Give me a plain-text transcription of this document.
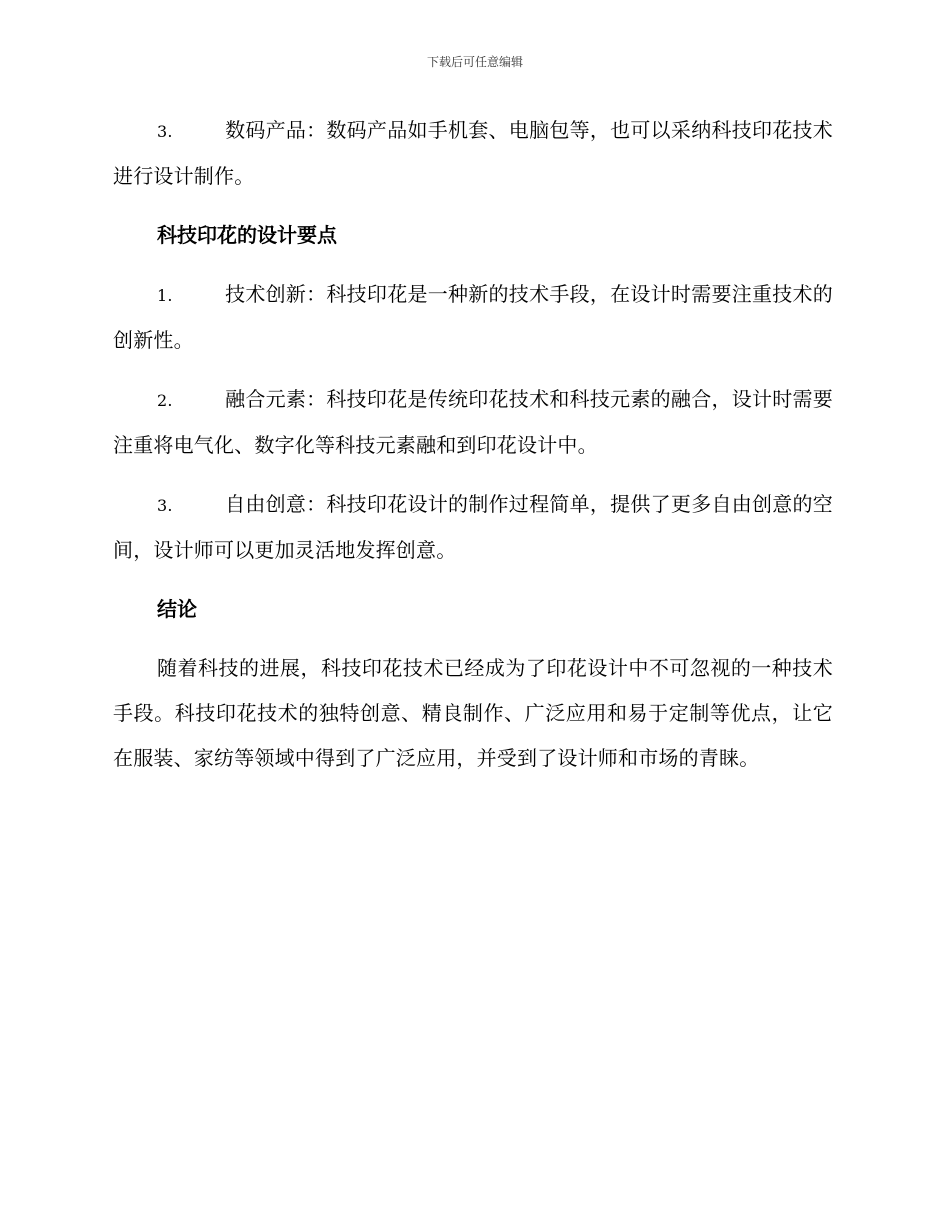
下载后可任意编辑

3.	数码产品：数码产品如手机套、电脑包等，也可以采纳科技印花技术进行设计制作。

科技印花的设计要点

1.	技术创新：科技印花是一种新的技术手段，在设计时需要注重技术的创新性。

2.	融合元素：科技印花是传统印花技术和科技元素的融合，设计时需要注重将电气化、数字化等科技元素融和到印花设计中。

3.	自由创意：科技印花设计的制作过程简单，提供了更多自由创意的空间，设计师可以更加灵活地发挥创意。

结论

随着科技的进展，科技印花技术已经成为了印花设计中不可忽视的一种技术手段。科技印花技术的独特创意、精良制作、广泛应用和易于定制等优点，让它在服装、家纺等领域中得到了广泛应用，并受到了设计师和市场的青睐。
